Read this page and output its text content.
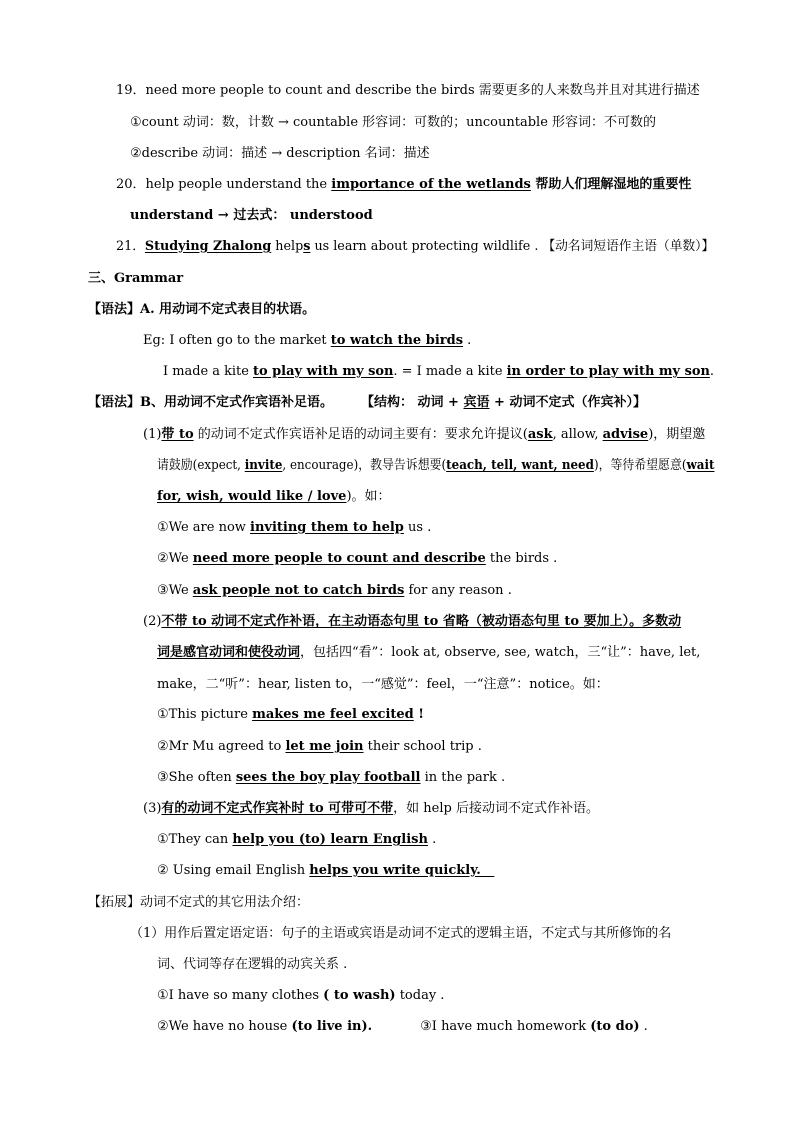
19．need more people to count and describe the birds 需要更多的人来数鸟并且对其进行描述
①count 动词：数，计数 → countable 形容词：可数的；uncountable 形容词：不可数的
②describe 动词：描述 → description 名词：描述
20．help people understand the importance of the wetlands 帮助人们理解湿地的重要性
understand → 过去式： understood
21．Studying Zhalong helps us learn about protecting wildlife . 【动名词短语作主语（单数）】
三、Grammar
【语法】A. 用动词不定式表目的状语。
Eg: I often go to the market to watch the birds .
I made a kite to play with my son. = I made a kite in order to play with my son.
【语法】B、用动词不定式作宾语补足语。 【结构： 动词 + 宾语 + 动词不定式（作宾补）】
(1)带 to 的动词不定式作宾语补足语的动词主要有：要求允许提议(ask, allow, advise)，期望邀
请鼓励(expect, invite, encourage)，教导告诉想要(teach, tell, want, need)，等待希望愿意(wait
for, wish, would like / love)。如：
①We are now inviting them to help us .
②We need more people to count and describe the birds .
③We ask people not to catch birds for any reason .
(2)不带 to 动词不定式作补语，在主动语态句里 to 省略（被动语态句里 to 要加上）。多数动
词是感官动词和使役动词，包括四“看”：look at, observe, see, watch，三“让”：have, let,
make，二“听”：hear, listen to，一“感觉”：feel，一“注意”：notice。如：
①This picture makes me feel excited !
②Mr Mu agreed to let me join their school trip .
③She often sees the boy play football in the park .
(3)有的动词不定式作宾补时 to 可带可不带，如 help 后接动词不定式作补语。
①They can help you (to) learn English .
② Using email English helps you write quickly.
【拓展】动词不定式的其它用法介绍：
（1）用作后置定语定语：句子的主语或宾语是动词不定式的逻辑主语，不定式与其所修饰的名
词、代词等存在逻辑的动宾关系 .
①I have so many clothes ( to wash) today .
②We have no house (to live in).	③I have much homework (to do) .
